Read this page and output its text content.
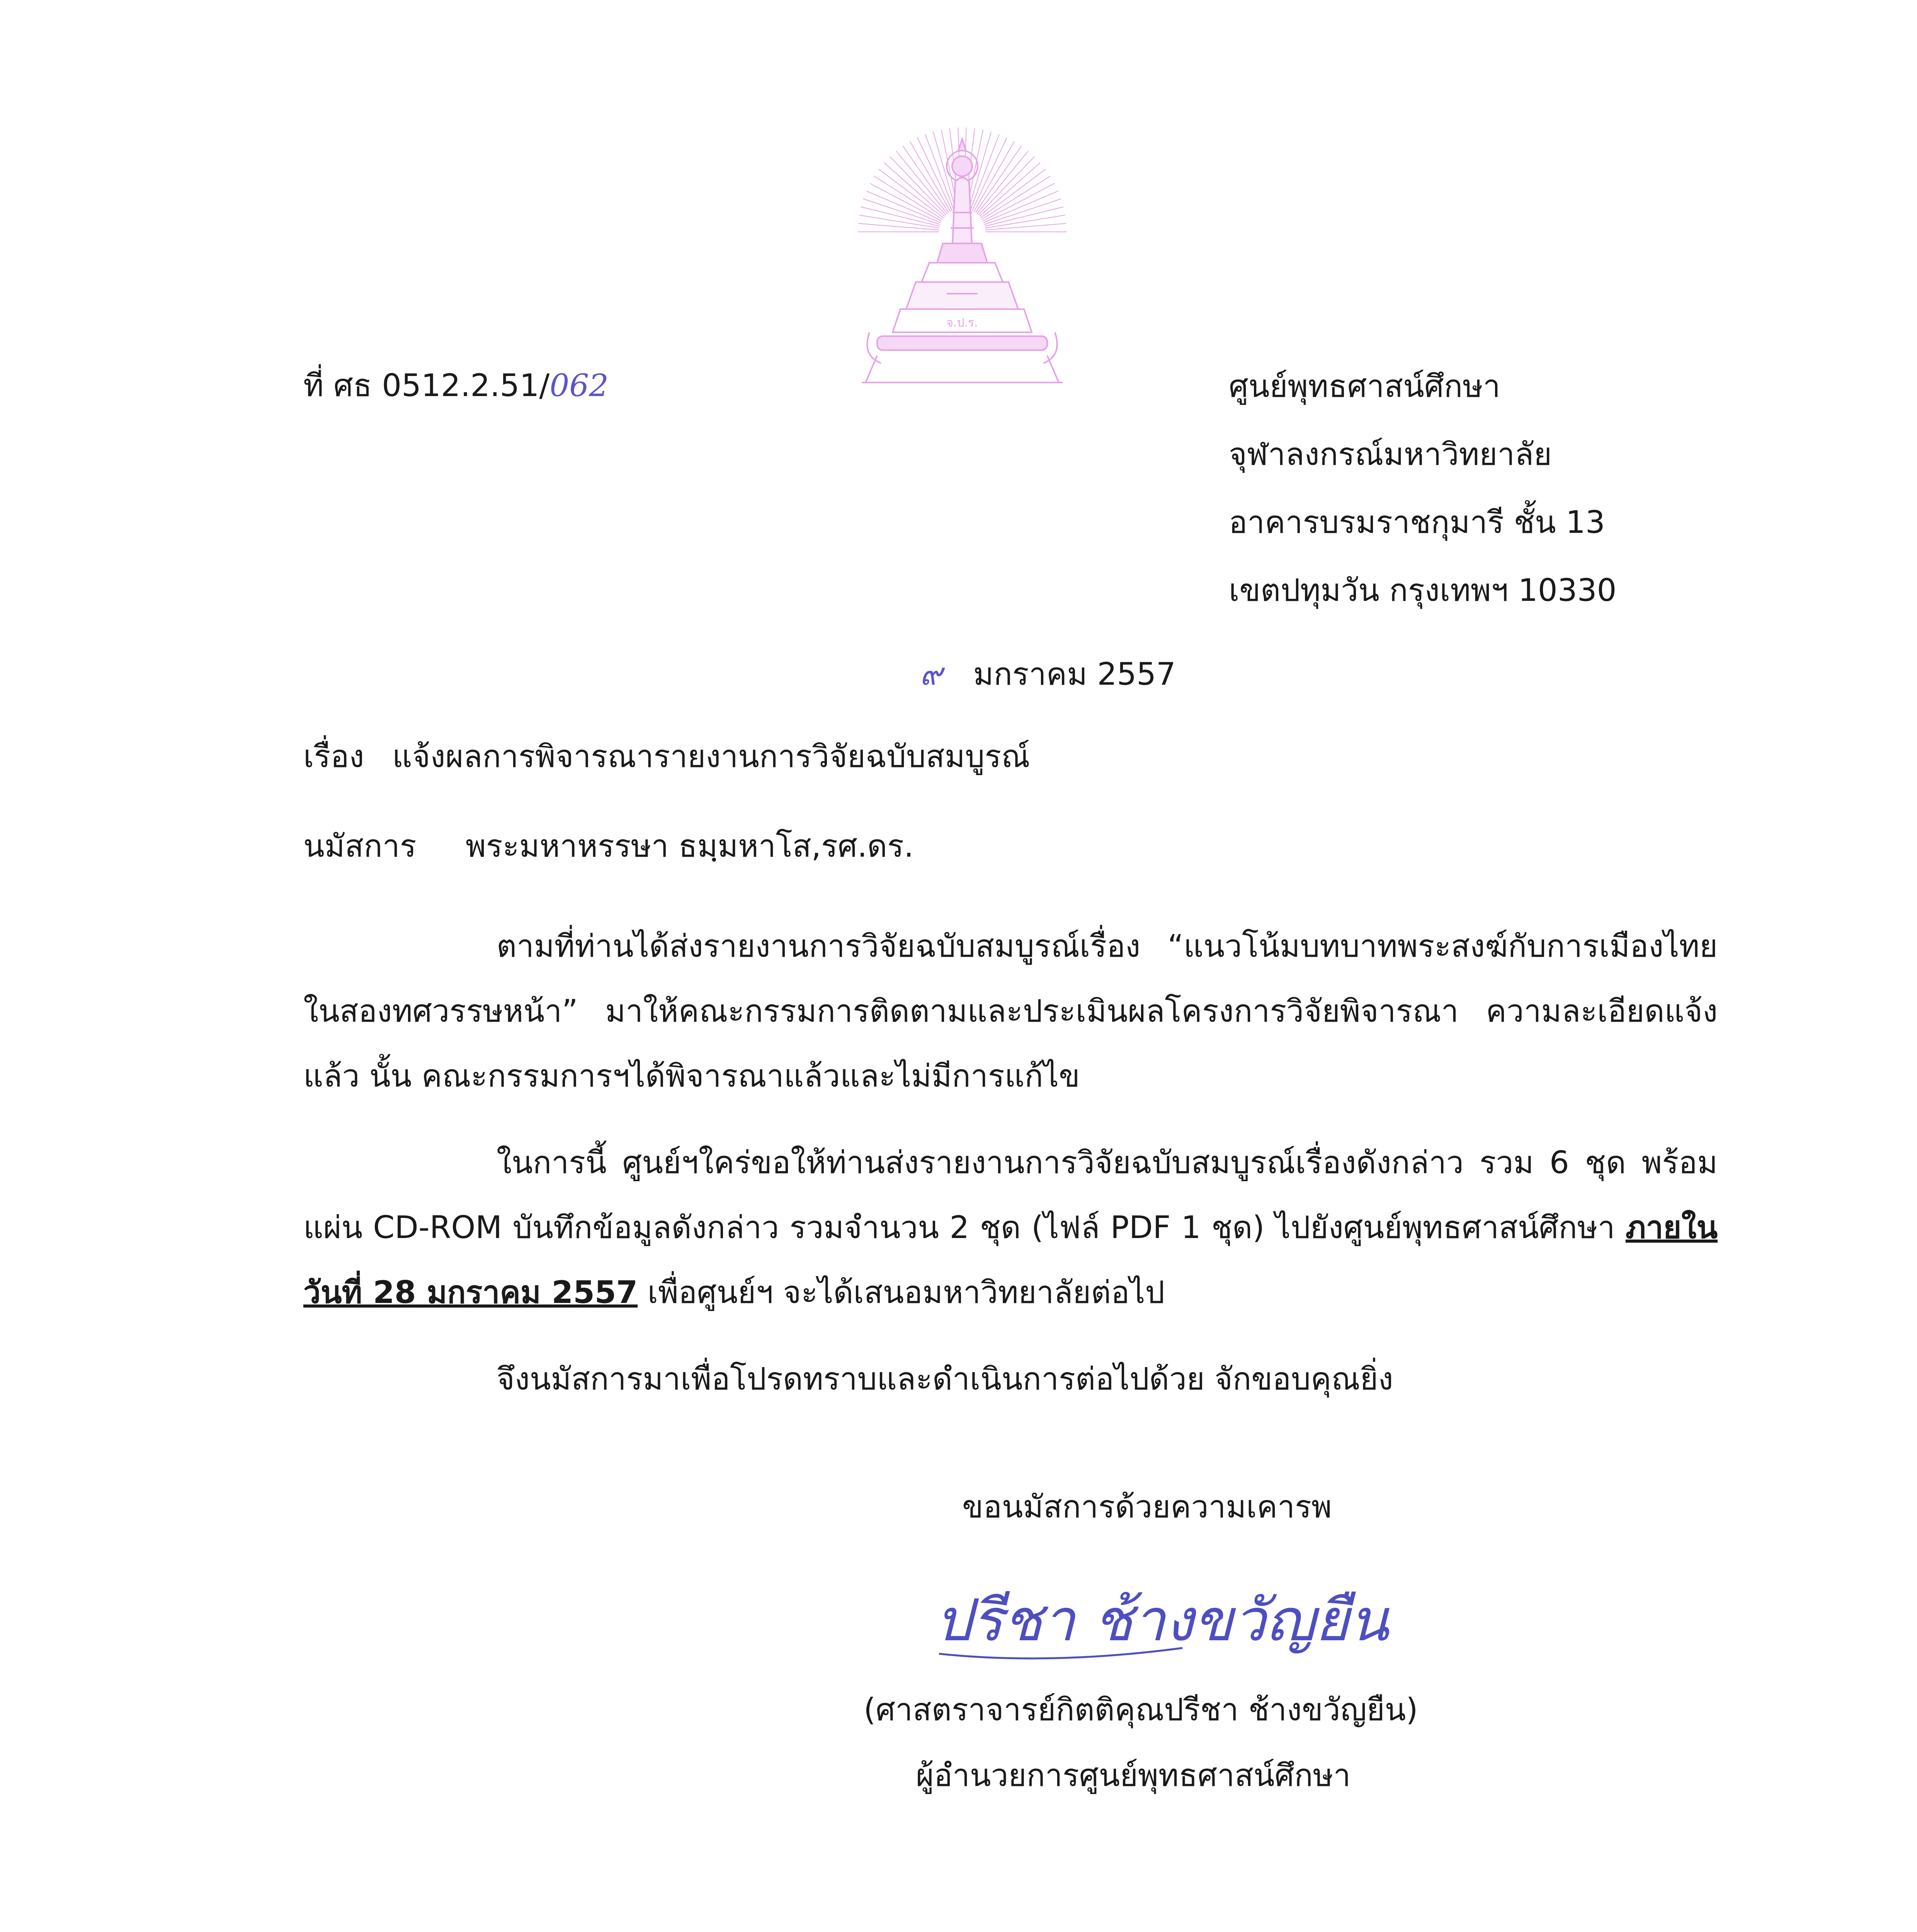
จ.ป.ร.
ที่ ศธ 0512.2.51/062	ศูนย์พุทธศาสน์ศึกษา
จุฬาลงกรณ์มหาวิทยาลัย
อาคารบรมราชกุมารี ชั้น 13
เขตปทุมวัน กรุงเทพฯ 10330
๙ มกราคม 2557
เรื่อง แจ้งผลการพิจารณารายงานการวิจัยฉบับสมบูรณ์
นมัสการ พระมหาหรรษา ธมฺมหาโส,รศ.ดร.
ตามที่ท่านได้ส่งรายงานการวิจัยฉบับสมบูรณ์เรื่อง “แนวโน้มบทบาทพระสงฆ์กับการเมืองไทยในสองทศวรรษหน้า” มาให้คณะกรรมการติดตามและประเมินผลโครงการวิจัยพิจารณา ความละเอียดแจ้งแล้ว นั้น คณะกรรมการฯได้พิจารณาแล้วและไม่มีการแก้ไข
ในการนี้ ศูนย์ฯใคร่ขอให้ท่านส่งรายงานการวิจัยฉบับสมบูรณ์เรื่องดังกล่าว รวม 6 ชุด พร้อมแผ่น CD-ROM บันทึกข้อมูลดังกล่าว รวมจำนวน 2 ชุด (ไฟล์ PDF 1 ชุด) ไปยังศูนย์พุทธศาสน์ศึกษา ภายในวันที่ 28 มกราคม 2557 เพื่อศูนย์ฯ จะได้เสนอมหาวิทยาลัยต่อไป
จึงนมัสการมาเพื่อโปรดทราบและดำเนินการต่อไปด้วย จักขอบคุณยิ่ง
ขอนมัสการด้วยความเคารพ
ปรีชา ช้างขวัญยืน
(ศาสตราจารย์กิตติคุณปรีชา ช้างขวัญยืน)
ผู้อำนวยการศูนย์พุทธศาสน์ศึกษา
